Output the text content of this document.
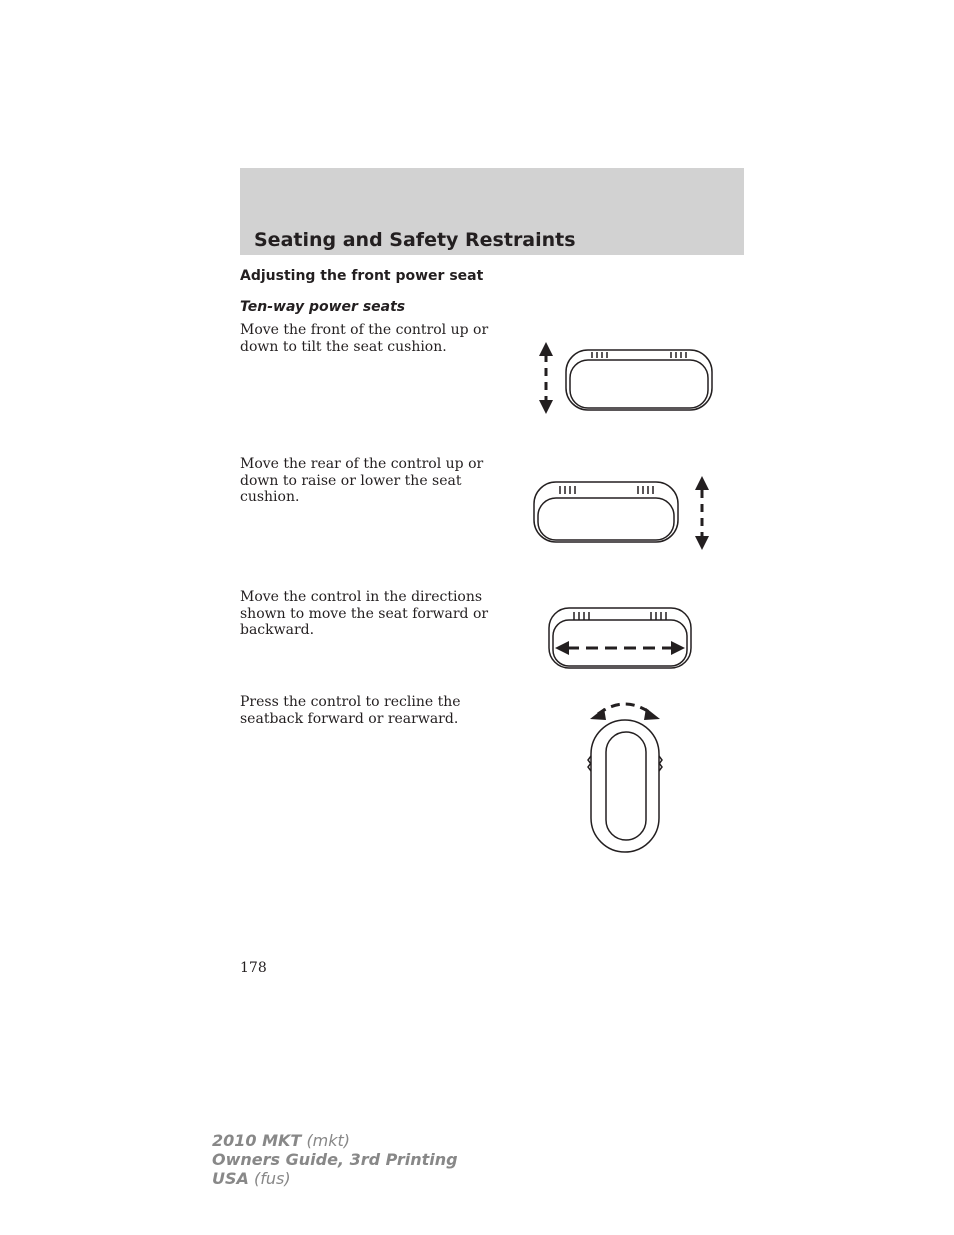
Seating and Safety Restraints
Adjusting the front power seat
Ten-way power seats

Move the front of the control up or down to tilt the seat cushion.

Move the rear of the control up or down to raise or lower the seat cushion.

Move the control in the directions shown to move the seat forward or backward.

Press the control to recline the seatback forward or rearward.

178
2010 MKT (mkt)
Owners Guide, 3rd Printing
USA (fus)
